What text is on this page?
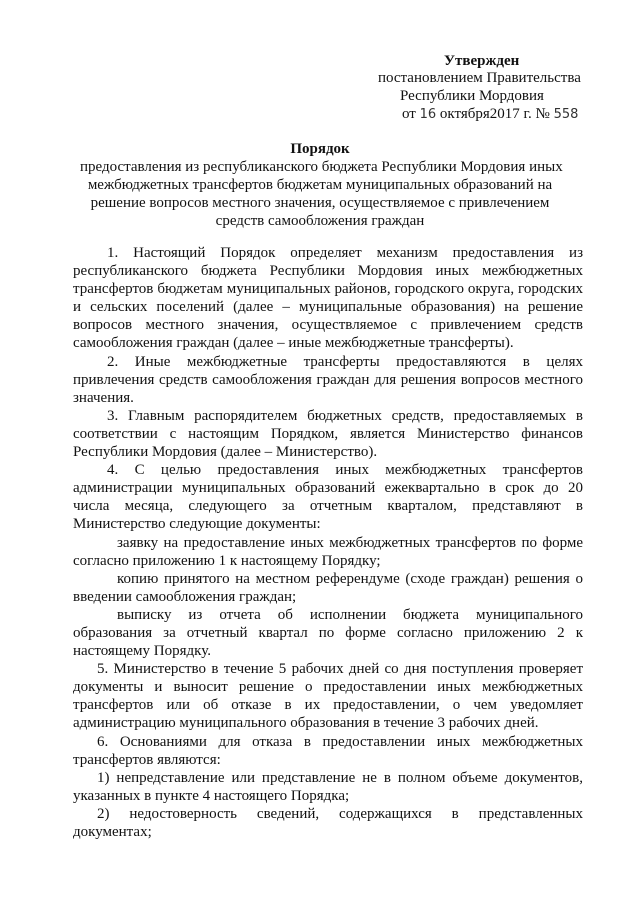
Утвержден
постановлением Правительства
Республики Мордовия
от 16 октября2017 г. № 558
Порядок
предоставления из республиканского бюджета Республики Мордовия иных
межбюджетных трансфертов бюджетам муниципальных образований на
решение вопросов местного значения, осуществляемое с привлечением
средств самообложения граждан

1. Настоящий Порядок определяет механизм предоставления из республиканского бюджета Республики Мордовия иных межбюджетных трансфертов бюджетам муниципальных районов, городского округа, городских и сельских поселений (далее – муниципальные образования) на решение вопросов местного значения, осуществляемое с привлечением средств самообложения граждан (далее – иные межбюджетные трансферты).

2. Иные межбюджетные трансферты предоставляются в целях привлечения средств самообложения граждан для решения вопросов местного значения.

3. Главным распорядителем бюджетных средств, предоставляемых в соответствии с настоящим Порядком, является Министерство финансов Республики Мордовия (далее – Министерство).

4. С целью предоставления иных межбюджетных трансфертов администрации муниципальных образований ежеквартально в срок до 20 числа месяца, следующего за отчетным кварталом, представляют в Министерство следующие документы:

заявку на предоставление иных межбюджетных трансфертов по форме согласно приложению 1 к настоящему Порядку;

копию принятого на местном референдуме (сходе граждан) решения о введении самообложения граждан;

выписку из отчета об исполнении бюджета муниципального образования за отчетный квартал по форме согласно приложению 2 к настоящему Порядку.

5. Министерство в течение 5 рабочих дней со дня поступления проверяет документы и выносит решение о предоставлении иных межбюджетных трансфертов или об отказе в их предоставлении, о чем уведомляет администрацию муниципального образования в течение 3 рабочих дней.

6. Основаниями для отказа в предоставлении иных межбюджетных трансфертов являются:

1) непредставление или представление не в полном объеме документов, указанных в пункте 4 настоящего Порядка;

2) недостоверность сведений, содержащихся в представленных документах;
